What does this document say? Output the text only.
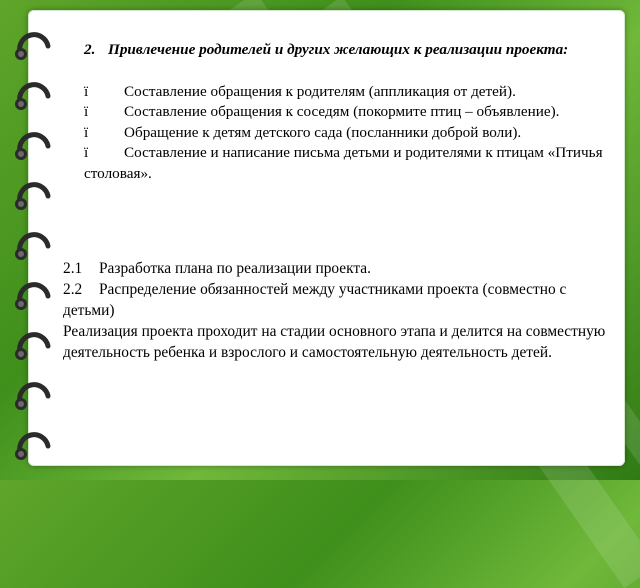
2. Привлечение родителей и других желающих к реализации проекта:

ï Составление обращения к родителям (аппликация от детей).

ï Составление обращения к соседям (покормите птиц – объявление).

ï Обращение к детям детского сада (посланники доброй воли).

ï Составление и написание письма детьми и родителями к птицам «Птичья столовая».

2.1 Разработка плана по реализации проекта.
2.2 Распределение обязанностей между участниками проекта (совместно с детьми)
Реализация проекта проходит на стадии основного этапа и делится на совместную деятельность ребенка и взрослого и самостоятельную деятельность детей.
